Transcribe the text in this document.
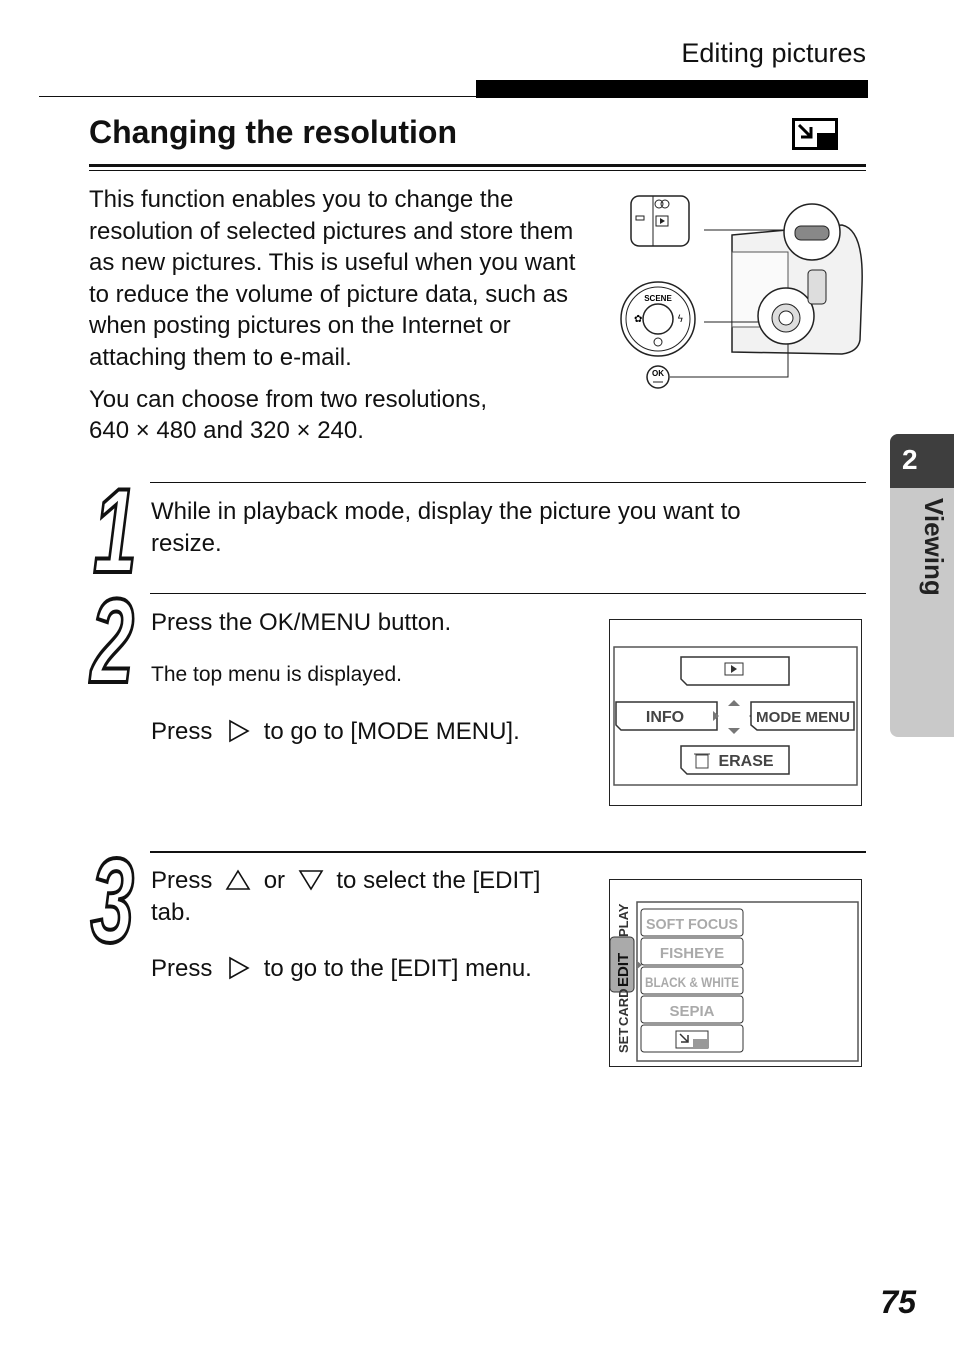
Editing pictures
Changing the resolution
This function enables you to change the
resolution of selected pictures and store them
as new pictures. This is useful when you want
to reduce the volume of picture data, such as
when posting pictures on the Internet or
attaching them to e-mail.
You can choose from two resolutions,
640 × 480 and 320 × 240.
SCENE
✿	ϟ
OK
2
Viewing
1 While in playback mode, display the picture you want to
resize.
2 Press the OK/MENU button.
The top menu is displayed.
Press to go to [MODE MENU].
INFO	MODE MENU
ERASE
3 Press or to select the [EDIT]
tab.
Press to go to the [EDIT] menu.
PLAY
EDIT
CARD
SET
SOFT FOCUS
FISHEYE
BLACK & WHITE
SEPIA
75
